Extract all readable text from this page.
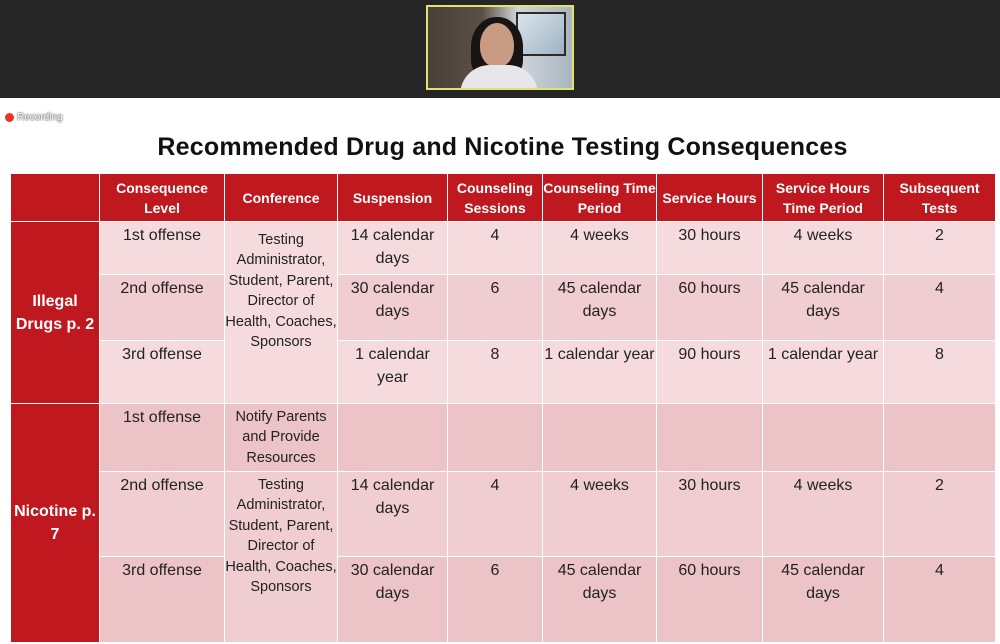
Recording
Recommended Drug and Nicotine Testing Consequences
	Consequence Level	Conference	Suspension	Counseling Sessions	Counseling Time Period	Service Hours	Service Hours Time Period	Subsequent Tests
Illegal Drugs p. 2	1st offense	Testing Administrator, Student, Parent, Director of Health, Coaches, Sponsors	14 calendar days	4	4 weeks	30 hours	4 weeks	2
	2nd offense		30 calendar days	6	45 calendar days	60 hours	45 calendar days	4
	3rd offense		1 calendar year	8	1 calendar year	90 hours	1 calendar year	8
Nicotine p. 7	1st offense	Notify Parents and Provide Resources						
	2nd offense	Testing Administrator, Student, Parent, Director of Health, Coaches, Sponsors	14 calendar days	4	4 weeks	30 hours	4 weeks	2
	3rd offense		30 calendar days	6	45 calendar days	60 hours	45 calendar days	4
